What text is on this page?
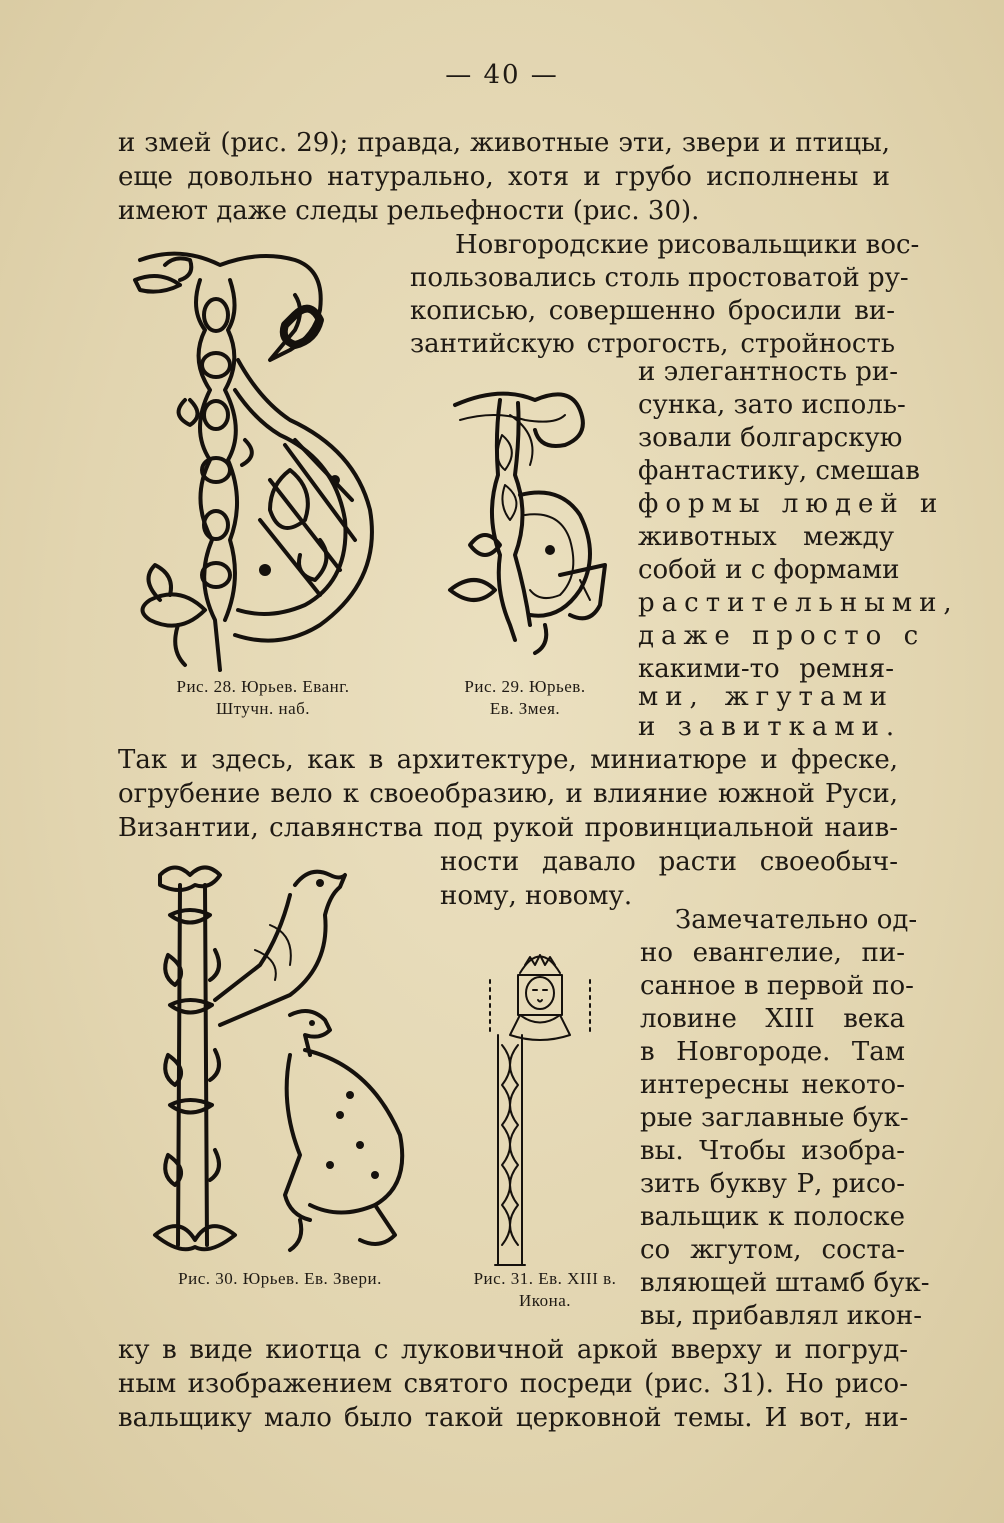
— 40 —
и змей (рис. 29); правда, животные эти, звери и птицы,
еще довольно натурально, хотя и грубо исполнены и
имеют даже следы рельефности (рис. 30).
Новгородские рисовальщики вос-
пользовались столь простоватой ру-
кописью, совершенно бросили ви-
зантийскую строгость, стройность
и элегантность ри-
сунка, зато исполь-
зовали болгарскую
фантастику, смешав
формы людей и
животных между
собой и с формами
растительными,
даже просто с
какими-то ремня-
ми, жгутами
и завитками.
Рис. 28. Юрьев. Еванг.
Штучн. наб.
Рис. 29. Юрьев.
Ев. Змея.
Так и здесь, как в архитектуре, миниатюре и фреске,
огрубение вело к своеобразию, и влияние южной Руси,
Византии, славянства под рукой провинциальной наив-
ности давало расти своеобыч-
ному, новому.
Замечательно од-
но евангелие, пи-
санное в первой по-
ловине XIII века
в Новгороде. Там
интересны некото-
рые заглавные бук-
вы. Чтобы изобра-
зить букву Р, рисо-
вальщик к полоске
со жгутом, соста-
вляющей штамб бук-
вы, прибавлял икон-
Рис. 30. Юрьев. Ев. Звери.	Рис. 31. Ев. XIII в.
Икона.
ку в виде киотца с луковичной аркой вверху и погруд-
ным изображением святого посреди (рис. 31). Но рисо-
вальщику мало было такой церковной темы. И вот, ни-
